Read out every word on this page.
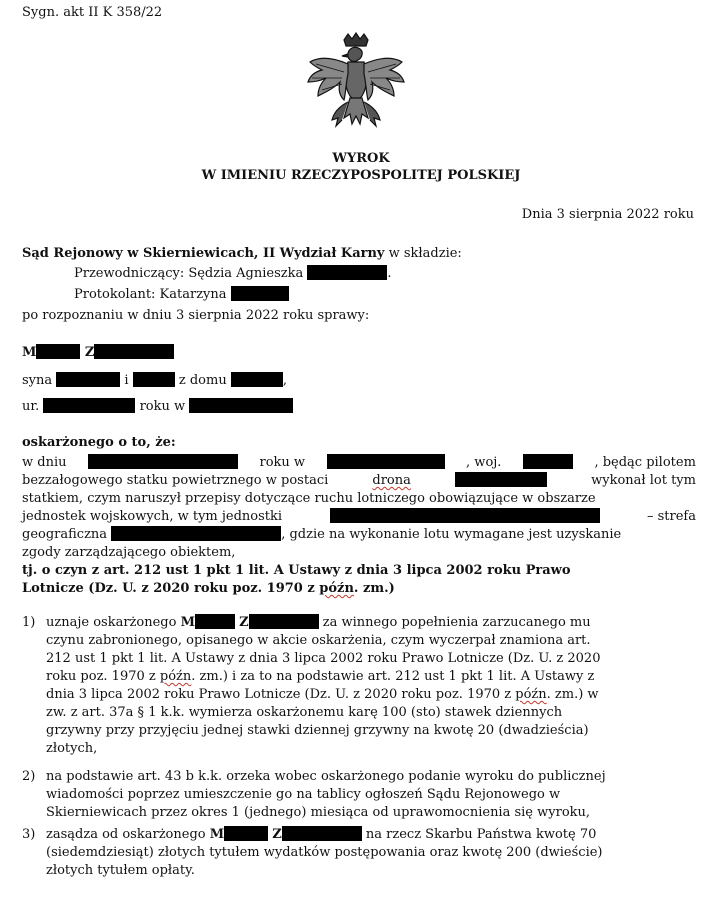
Sygn. akt II K 358/22
WYROK
W IMIENIU RZECZYPOSPOLITEJ POLSKIEJ
Dnia 3 sierpnia 2022 roku
Sąd Rejonowy w Skierniewicach, II Wydział Karny w składzie:
Przewodniczący: Sędzia Agnieszka	.
Protokolant: Katarzyna
po rozpoznaniu w dniu 3 sierpnia 2022 roku sprawy:
M	Z
syna	i	z domu	,
ur.	roku w
oskarżonego o to, że:
w dniu	roku w	, woj.	, będąc pilotem
bezzałogowego statku powietrznego w postaci	drona	wykonał lot tym
statkiem, czym naruszył przepisy dotyczące ruchu lotniczego obowiązujące w obszarze
jednostek wojskowych, w tym jednostki	– strefa
geograficzna	, gdzie na wykonanie lotu wymagane jest uzyskanie
zgody zarządzającego obiektem,
tj. o czyn z art. 212 ust 1 pkt 1 lit. A Ustawy z dnia 3 lipca 2002 roku Prawo
Lotnicze (Dz. U. z 2020 roku poz. 1970 z późn. zm.)
1) uznaje oskarżonego M	Z	za winnego popełnienia zarzucanego mu
czynu zabronionego, opisanego w akcie oskarżenia, czym wyczerpał znamiona art.
212 ust 1 pkt 1 lit. A Ustawy z dnia 3 lipca 2002 roku Prawo Lotnicze (Dz. U. z 2020
roku poz. 1970 z późn. zm.) i za to na podstawie art. 212 ust 1 pkt 1 lit. A Ustawy z
dnia 3 lipca 2002 roku Prawo Lotnicze (Dz. U. z 2020 roku poz. 1970 z późn. zm.) w
zw. z art. 37a § 1 k.k. wymierza oskarżonemu karę 100 (sto) stawek dziennych
grzywny przy przyjęciu jednej stawki dziennej grzywny na kwotę 20 (dwadzieścia)
złotych,
2) na podstawie art. 43 b k.k. orzeka wobec oskarżonego podanie wyroku do publicznej
wiadomości poprzez umieszczenie go na tablicy ogłoszeń Sądu Rejonowego w
Skierniewicach przez okres 1 (jednego) miesiąca od uprawomocnienia się wyroku,
3) zasądza od oskarżonego M	Z	na rzecz Skarbu Państwa kwotę 70
(siedemdziesiąt) złotych tytułem wydatków postępowania oraz kwotę 200 (dwieście)
złotych tytułem opłaty.
